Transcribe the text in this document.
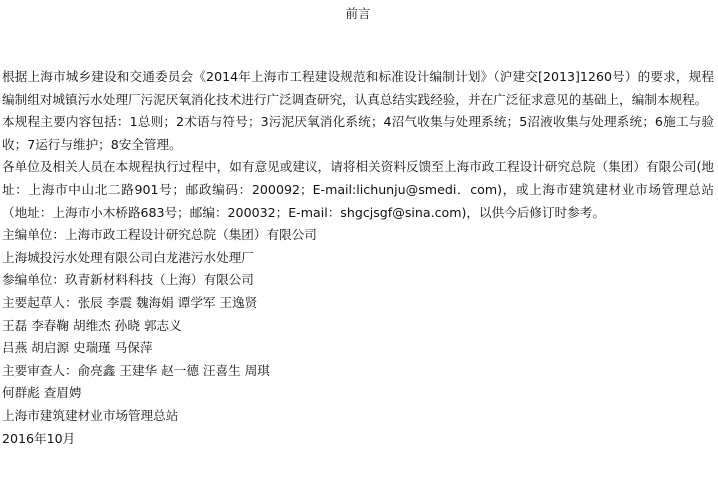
前言

根据上海市城乡建设和交通委员会《2014年上海市工程建设规范和标准设计编制计划》（沪建交[2013]1260号）的要求，规程编制组对城镇污水处理厂污泥厌氧消化技术进行广泛调查研究，认真总结实践经验，并在广泛征求意见的基础上，编制本规程。

本规程主要内容包括：1总则；2术语与符号；3污泥厌氧消化系统；4沼气收集与处理系统；5沼液收集与处理系统；6施工与验收；7运行与维护；8安全管理。

各单位及相关人员在本规程执行过程中，如有意见或建议，请将相关资料反馈至上海市政工程设计研究总院（集团）有限公司(地址：上海市中山北二路901号；邮政编码：200092；E-mail:lichunju@smedi．com)，或上海市建筑建材业市场管理总站（地址：上海市小木桥路683号；邮编：200032；E-mail：shgcjsgf@sina.com)，以供今后修订时参考。

主编单位：上海市政工程设计研究总院（集团）有限公司

上海城投污水处理有限公司白龙港污水处理厂

参编单位：玖青新材料科技（上海）有限公司

主要起草人：张辰 李震 魏海娟 谭学军 王逸贤

王磊 李春鞠 胡维杰 孙晓 郭志义

吕燕 胡启源 史瑞瑾 马保萍

主要审查人：俞亮鑫 王建华 赵一德 汪喜生 周琪

何群彪 查眉娉

上海市建筑建材业市场管理总站

2016年10月
